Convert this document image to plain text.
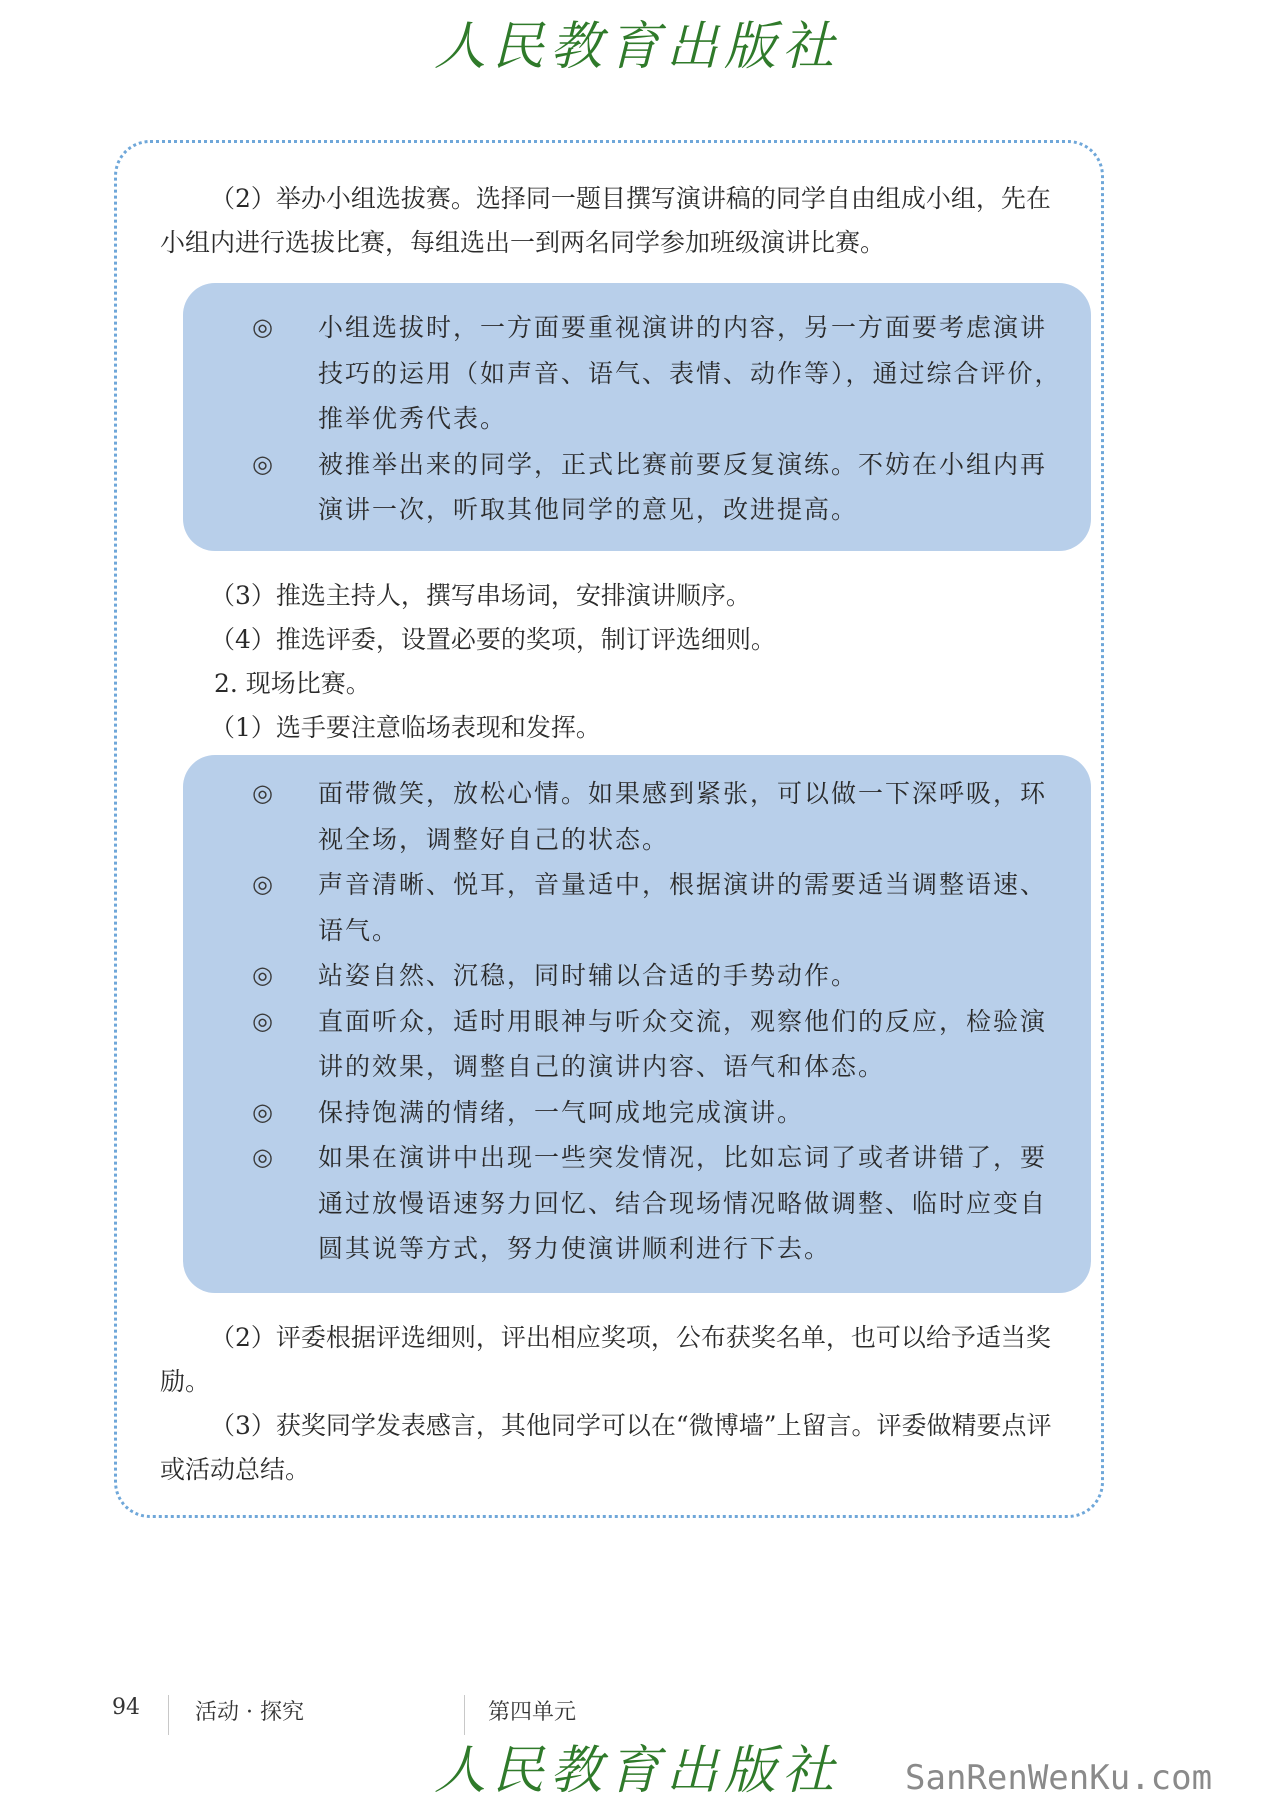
人民教育出版社

（2）举办小组选拔赛。选择同一题目撰写演讲稿的同学自由组成小组，先在小组内进行选拔比赛，每组选出一到两名同学参加班级演讲比赛。

◎ 小组选拔时，一方面要重视演讲的内容，另一方面要考虑演讲技巧的运用（如声音、语气、表情、动作等），通过综合评价，推举优秀代表。
◎ 被推举出来的同学，正式比赛前要反复演练。不妨在小组内再演讲一次，听取其他同学的意见，改进提高。

（3）推选主持人，撰写串场词，安排演讲顺序。

（4）推选评委，设置必要的奖项，制订评选细则。

2. 现场比赛。

（1）选手要注意临场表现和发挥。

◎ 面带微笑，放松心情。如果感到紧张，可以做一下深呼吸，环视全场，调整好自己的状态。
◎ 声音清晰、悦耳，音量适中，根据演讲的需要适当调整语速、语气。
◎ 站姿自然、沉稳，同时辅以合适的手势动作。
◎ 直面听众，适时用眼神与听众交流，观察他们的反应，检验演讲的效果，调整自己的演讲内容、语气和体态。
◎ 保持饱满的情绪，一气呵成地完成演讲。
◎ 如果在演讲中出现一些突发情况，比如忘词了或者讲错了，要通过放慢语速努力回忆、结合现场情况略做调整、临时应变自圆其说等方式，努力使演讲顺利进行下去。

（2）评委根据评选细则，评出相应奖项，公布获奖名单，也可以给予适当奖励。

（3）获奖同学发表感言，其他同学可以在“微博墙”上留言。评委做精要点评或活动总结。

94	活动 · 探究	第四单元
人民教育出版社	SanRenWenKu.com
